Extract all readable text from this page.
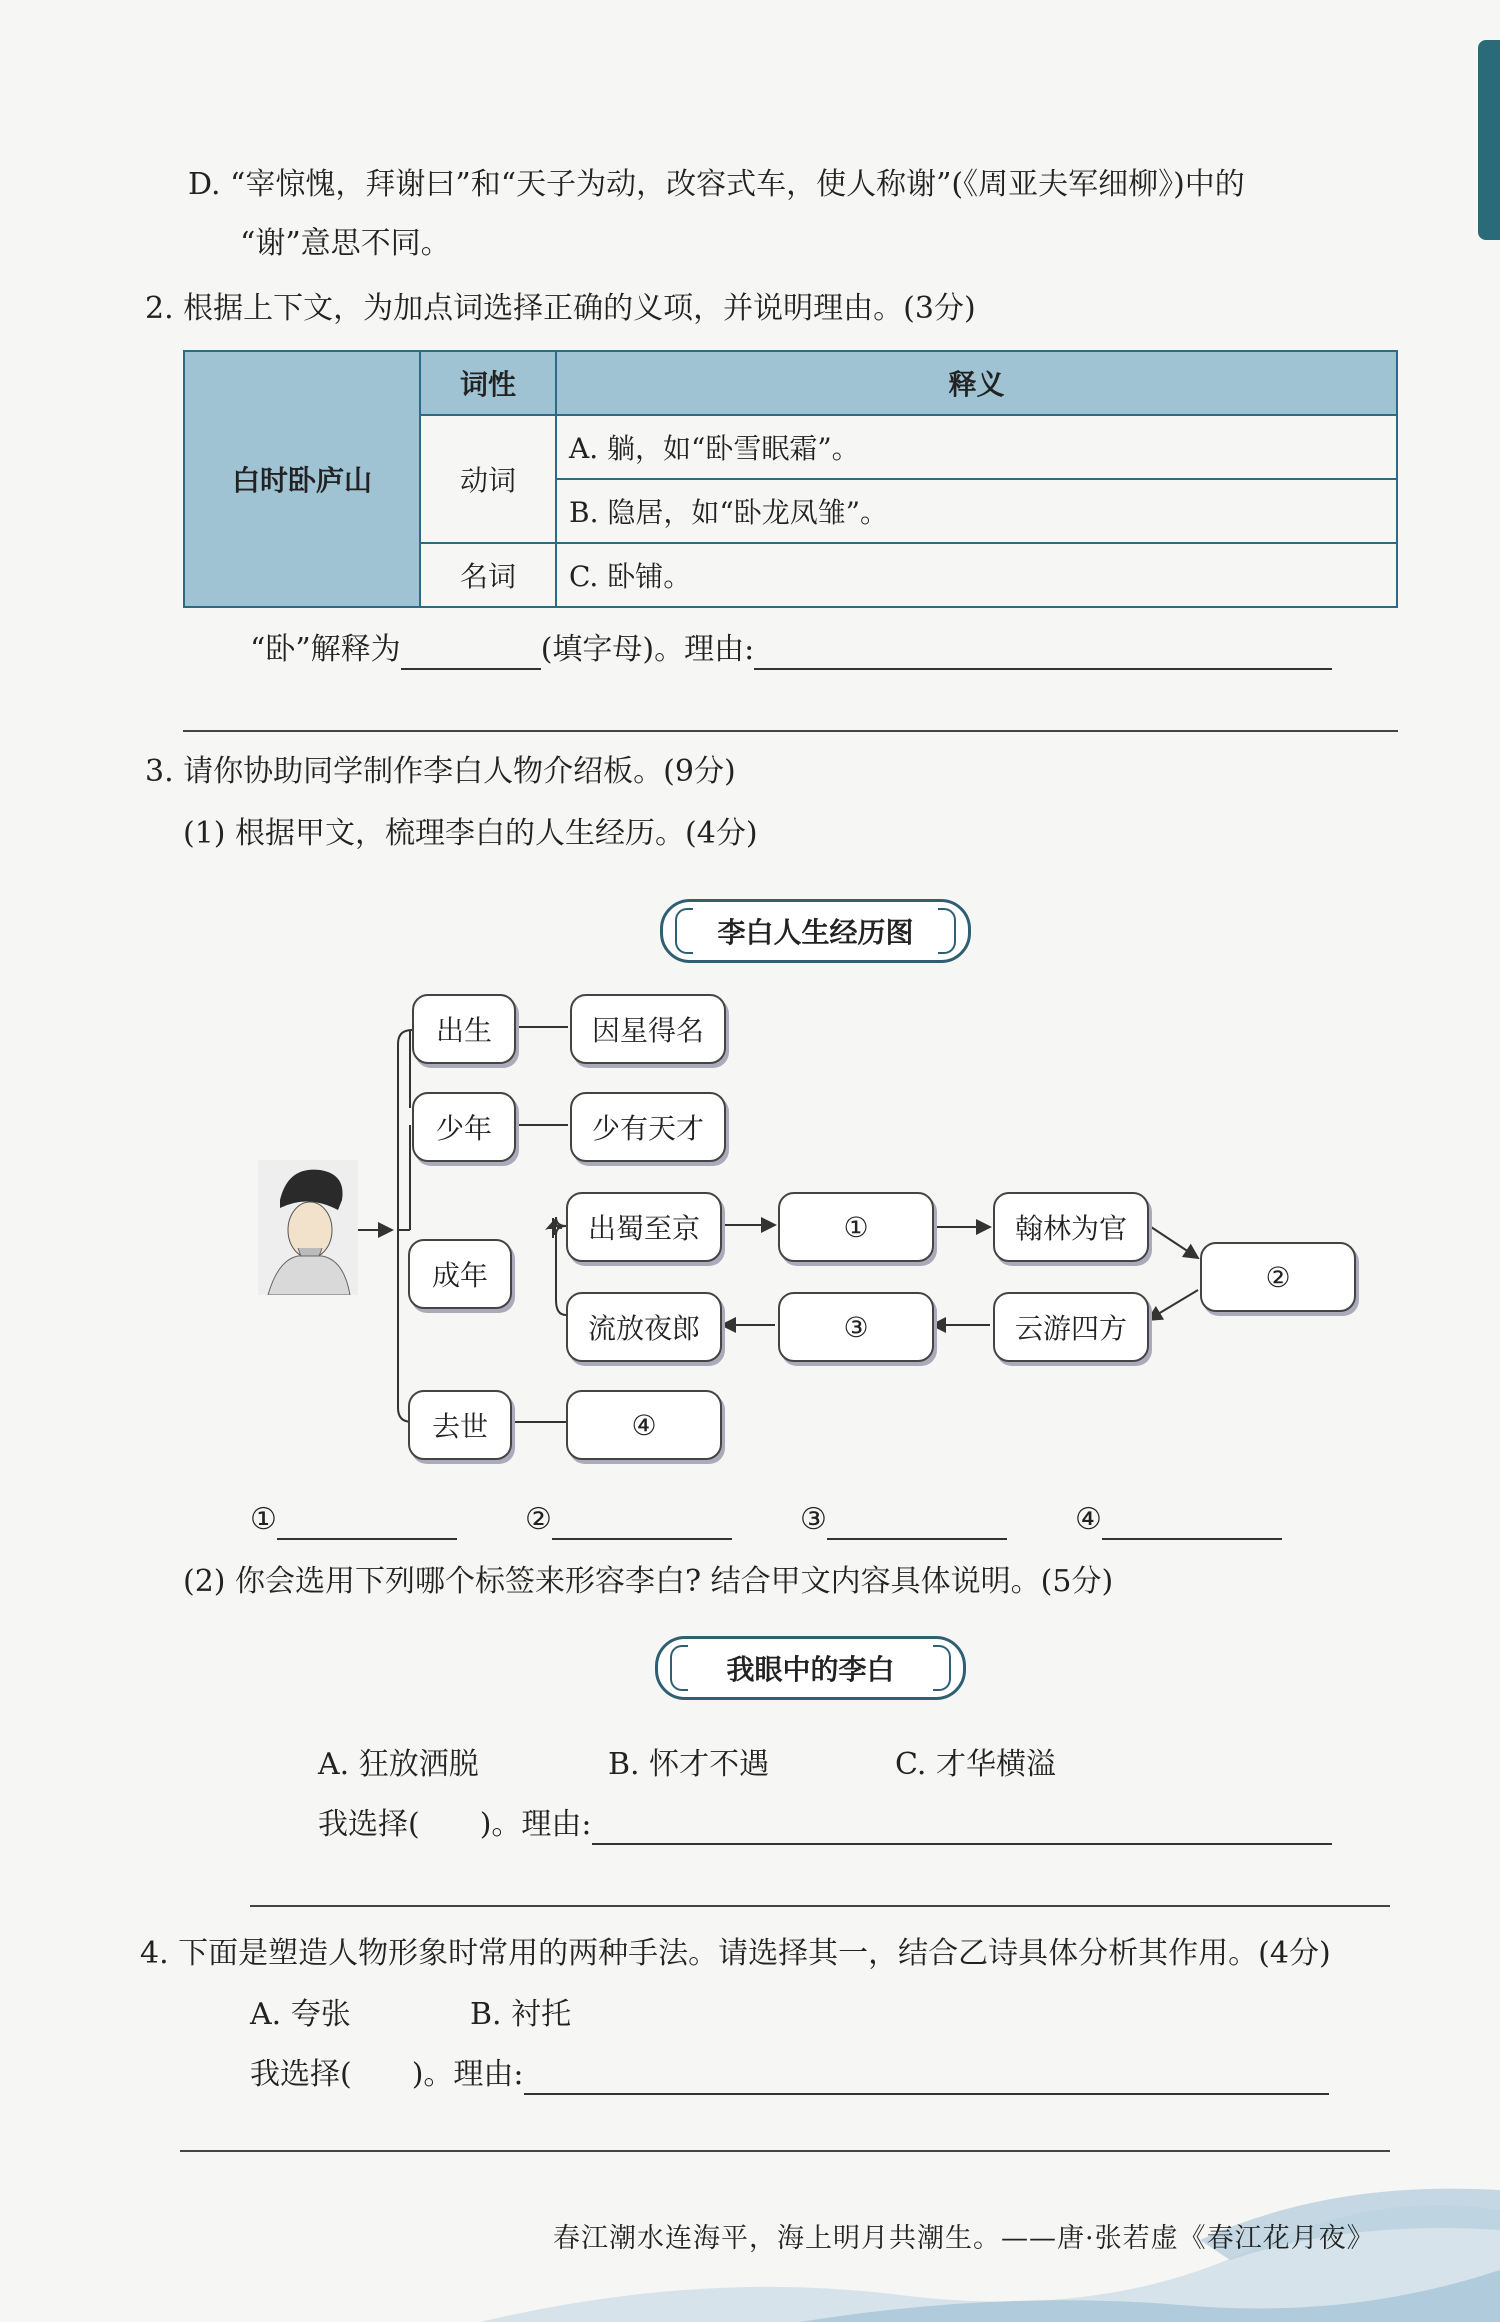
D. “宰惊愧，拜谢曰”和“天子为动，改容式车，使人称谢”(《周亚夫军细柳》)中的
“谢”意思不同。
2. 根据上下文，为加点词选择正确的义项，并说明理由。(3分)
白时卧庐山	词性	释义
	动词	A. 躺，如“卧雪眠霜”。
		B. 隐居，如“卧龙凤雏”。
	名词	C. 卧铺。
“卧”解释为	(填字母)。理由:
3. 请你协助同学制作李白人物介绍板。(9分)
(1) 根据甲文，梳理李白的人生经历。(4分)
李白人生经历图
出生	因星得名
少年	少有天才
成年
出蜀至京	①	翰林为官
②
云游四方
③
流放夜郎
去世	④
①	②	③	④
(2) 你会选用下列哪个标签来形容李白? 结合甲文内容具体说明。(5分)
我眼中的李白
A. 狂放洒脱	B. 怀才不遇	C. 才华横溢
我选择( )。理由:
4. 下面是塑造人物形象时常用的两种手法。请选择其一，结合乙诗具体分析其作用。(4分)
A. 夸张	B. 衬托
我选择( )。理由:
春江潮水连海平，海上明月共潮生。——唐·张若虚《春江花月夜》
